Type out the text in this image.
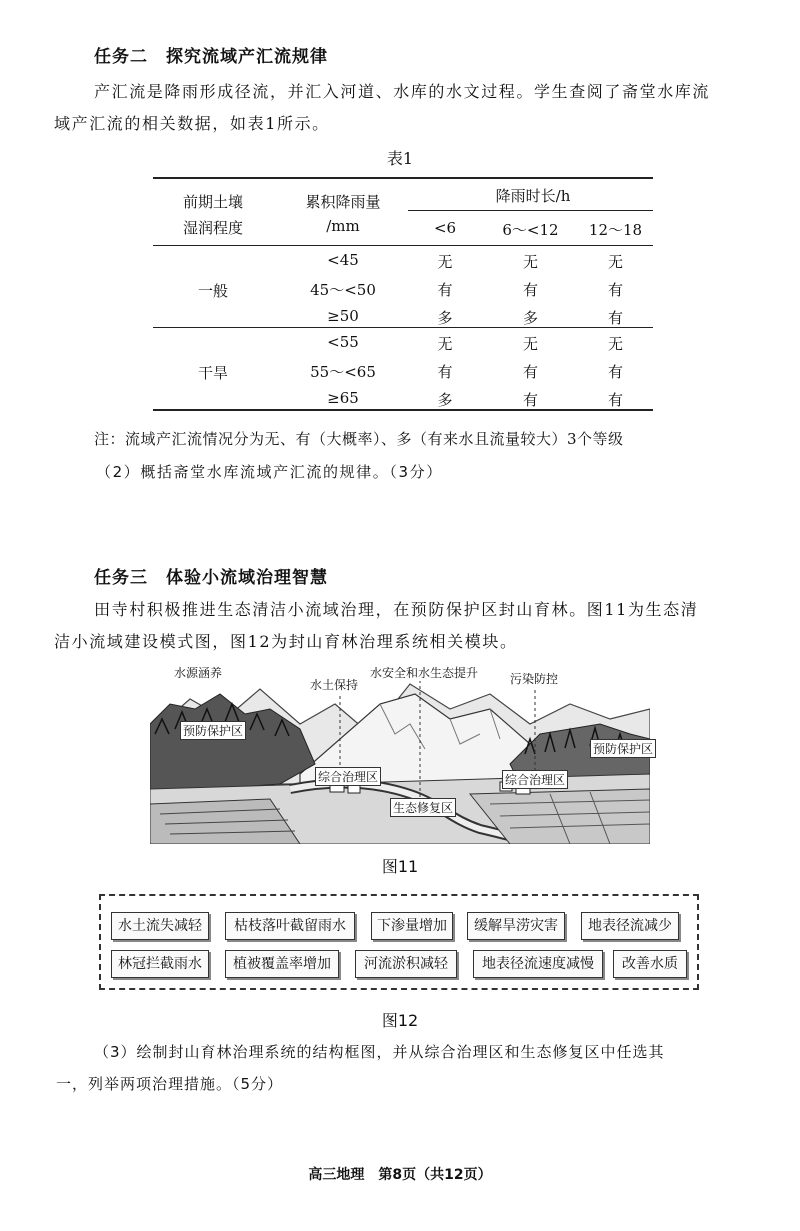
任务二　探究流域产汇流规律
产汇流是降雨形成径流，并汇入河道、水库的水文过程。学生查阅了斋堂水库流
域产汇流的相关数据，如表1所示。
表1
前期土壤
湿润程度
累积降雨量
/mm
降雨时长/h
<6	6～<12	12～18
一般
<45	无	无	无
45～<50	有	有	有
≥50	多	多	有
干旱
<55	无	无	无
55～<65	有	有	有
≥65	多	有	有
注：流域产汇流情况分为无、有（大概率）、多（有来水且流量较大）3个等级
（2）概括斋堂水库流域产汇流的规律。（3分）
任务三　体验小流域治理智慧
田寺村积极推进生态清洁小流域治理，在预防保护区封山育林。图11为生态清
洁小流域建设模式图，图12为封山育林治理系统相关模块。
水源涵养
水土保持
水安全和水生态提升	污染防控
预防保护区
预防保护区
综合治理区	综合治理区
生态修复区
图11
水土流失减轻	枯枝落叶截留雨水	下渗量增加	缓解旱涝灾害	地表径流减少
林冠拦截雨水	植被覆盖率增加	河流淤积减轻	地表径流速度减慢	改善水质
图12
（3）绘制封山育林治理系统的结构框图，并从综合治理区和生态修复区中任选其
一，列举两项治理措施。（5分）
高三地理　第8页（共12页）
